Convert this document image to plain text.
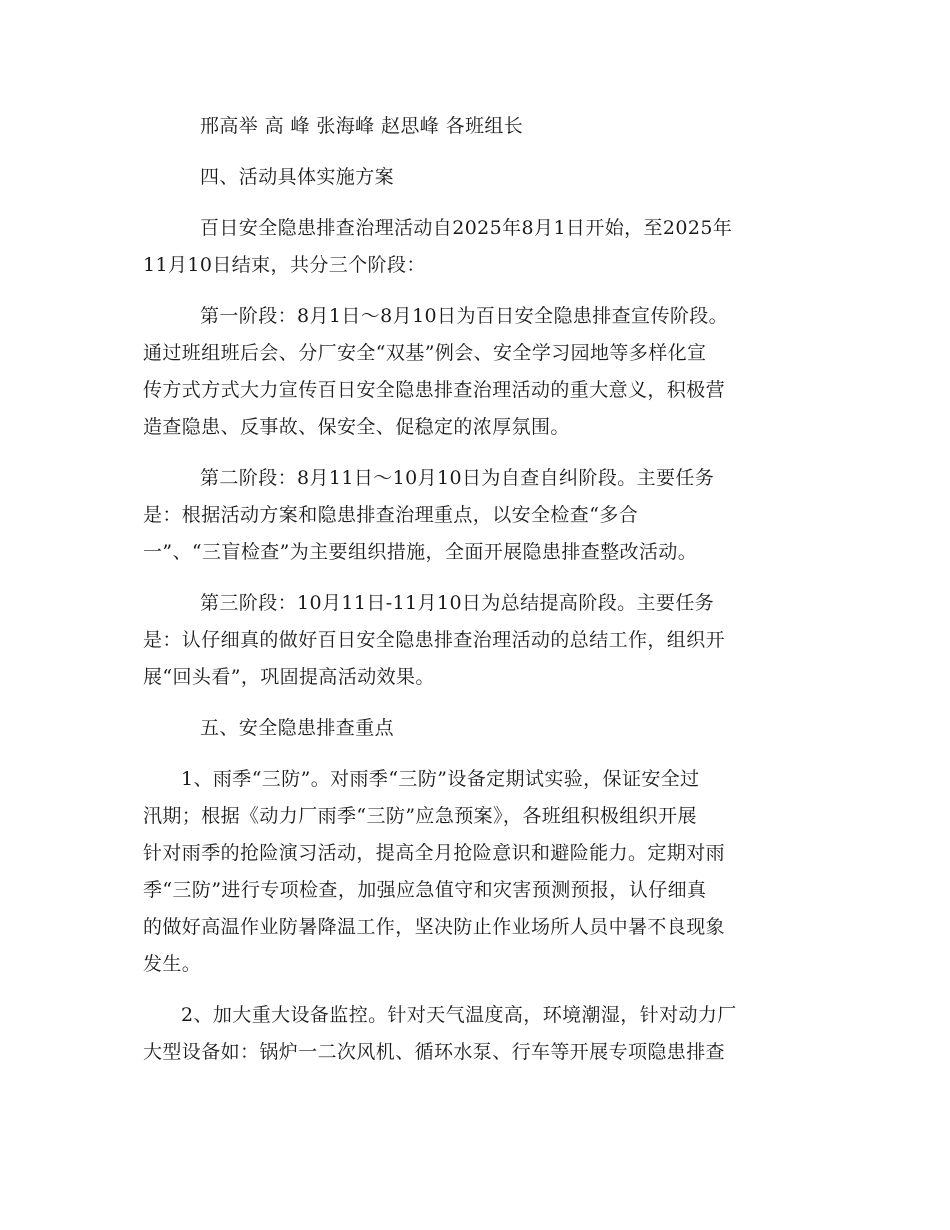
邢高举 高 峰 张海峰 赵思峰 各班组长

四、活动具体实施方案

百日安全隐患排查治理活动自2025年8月1日开始，至2025年
11月10日结束，共分三个阶段：

第一阶段：8月1日～8月10日为百日安全隐患排查宣传阶段。
通过班组班后会、分厂安全“双基”例会、安全学习园地等多样化宣
传方式方式大力宣传百日安全隐患排查治理活动的重大意义，积极营
造查隐患、反事故、保安全、促稳定的浓厚氛围。

第二阶段：8月11日～10月10日为自查自纠阶段。主要任务
是：根据活动方案和隐患排查治理重点，以安全检查“多合
一”、“三盲检查”为主要组织措施，全面开展隐患排查整改活动。

第三阶段：10月11日-11月10日为总结提高阶段。主要任务
是：认仔细真的做好百日安全隐患排查治理活动的总结工作，组织开
展“回头看”，巩固提高活动效果。

五、安全隐患排查重点

1、雨季“三防”。对雨季“三防”设备定期试实验，保证安全过
汛期；根据《动力厂雨季“三防”应急预案》，各班组积极组织开展
针对雨季的抢险演习活动，提高全月抢险意识和避险能力。定期对雨
季“三防”进行专项检查，加强应急值守和灾害预测预报，认仔细真
的做好高温作业防暑降温工作，坚决防止作业场所人员中暑不良现象
发生。

2、加大重大设备监控。针对天气温度高，环境潮湿，针对动力厂
大型设备如：锅炉一二次风机、循环水泵、行车等开展专项隐患排查
